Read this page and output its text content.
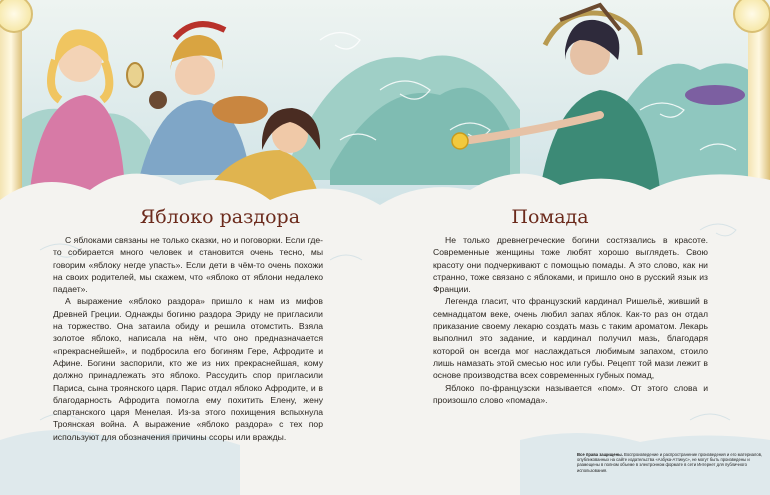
Яблоко раздора

С яблоками связаны не только сказки, но и поговорки. Если где-то собирается много человек и становится очень тесно, мы говорим «яблоку негде упасть». Если дети в чём-то очень похожи на своих родителей, мы скажем, что «яблоко от яблони недалеко падает».

А выражение «яблоко раздора» пришло к нам из мифов Древней Греции. Однажды богиню раздора Эриду не пригласили на торжество. Она затаила обиду и решила отомстить. Взяла золотое яблоко, написала на нём, что оно предназначается «прекраснейшей», и подбросила его богиням Гере, Афродите и Афине. Богини заспорили, кто же из них прекраснейшая, кому должно принадлежать это яблоко. Рассудить спор пригласили Париса, сына троянского царя. Парис отдал яблоко Афродите, и в благодарность Афродита помогла ему похитить Елену, жену спартанского царя Менелая. Из-за этого похищения вспыхнула Троянская война. А выражение «яблоко раздора» с тех пор используют для обозначения причины ссоры или вражды.

Помада

Не только древнегреческие богини состязались в красоте. Современные женщины тоже любят хорошо выглядеть. Свою красоту они подчеркивают с помощью помады. А это слово, как ни странно, тоже связано с яблоками, и пришло оно в русский язык из Франции.

Легенда гласит, что французский кардинал Ришельё, живший в семнадцатом веке, очень любил запах яблок. Как-то раз он отдал приказание своему лекарю создать мазь с таким ароматом. Лекарь выполнил это задание, и кардинал получил мазь, благодаря которой он всегда мог наслаждаться любимым запахом, стоило лишь намазать этой смесью нос или губы. Рецепт той мази лежит в основе производства всех современных губных помад,

Яблоко по-французски называется «пом». От этого слова и произошло слово «помада».

Все права защищены. Воспроизведение и распространение произведения и его материалов, опубликованных на сайте издательства «Азбука-Аттикус», не могут быть произведены и размещены в полном объеме в электронном формате в сети Интернет для публичного использования.
